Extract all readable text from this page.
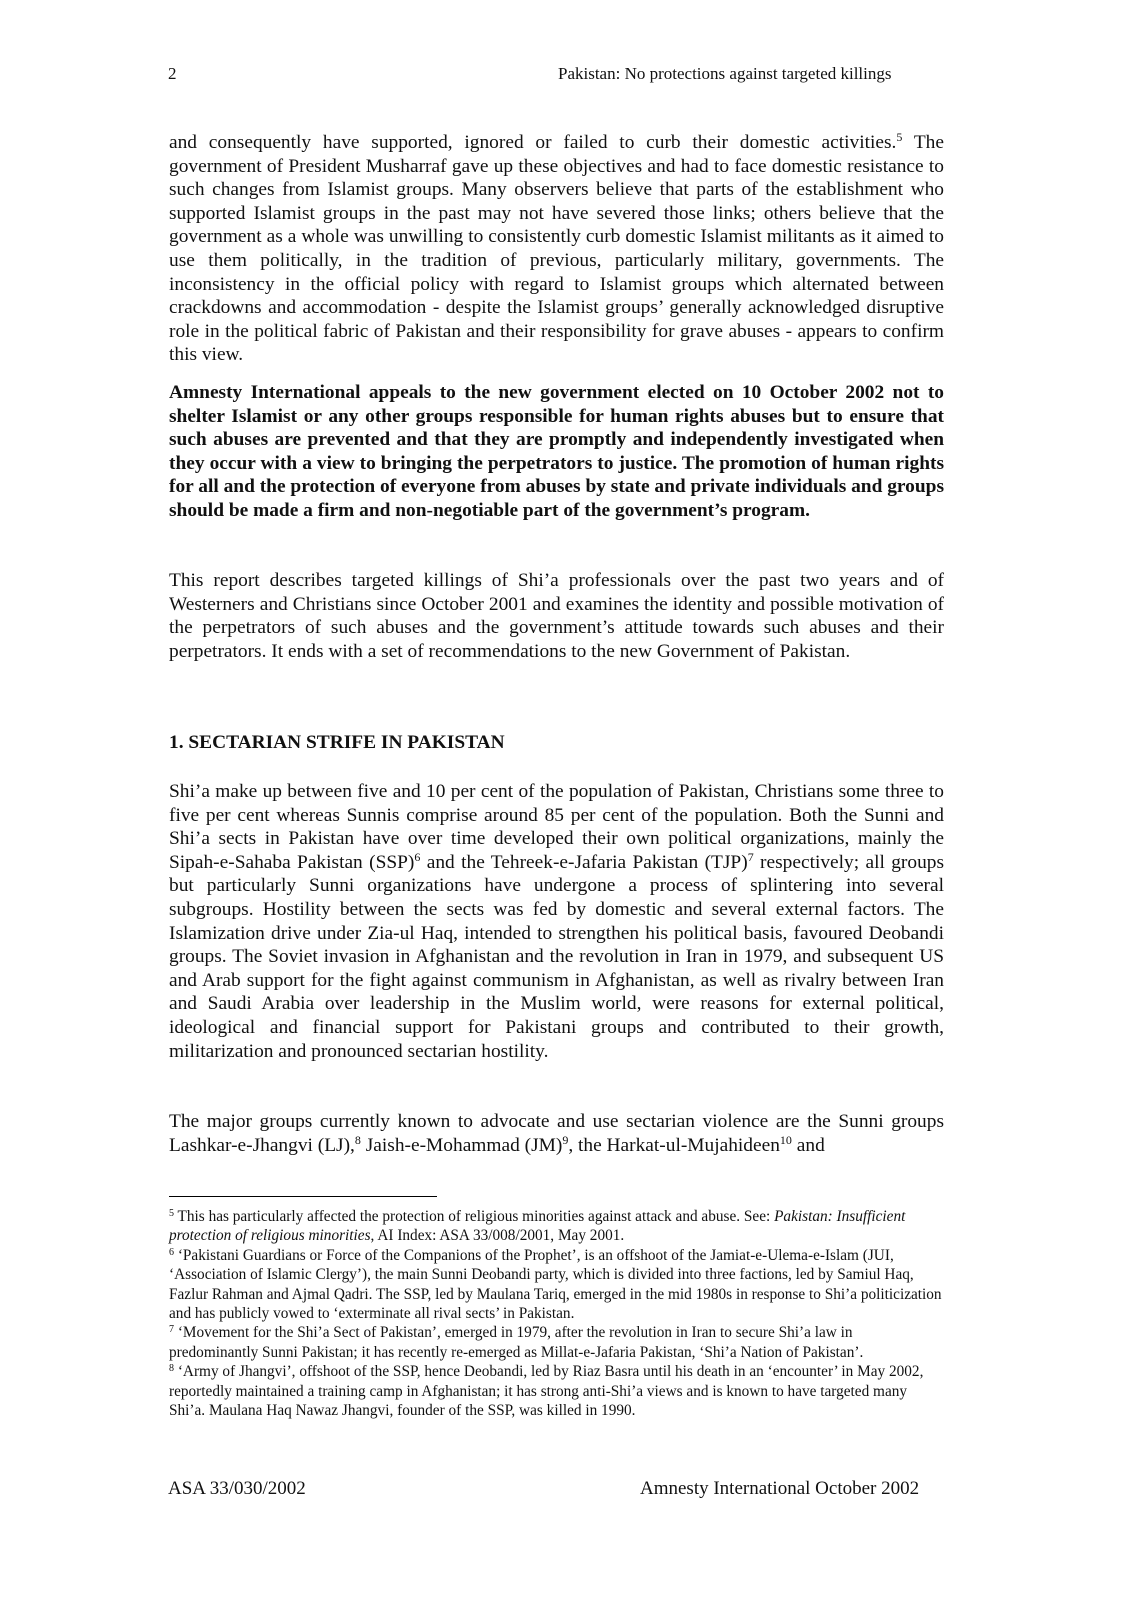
2	Pakistan: No protections against targeted killings

and consequently have supported, ignored or failed to curb their domestic activities.$^5$ The government of President Musharraf gave up these objectives and had to face domestic resistance to such changes from Islamist groups. Many observers believe that parts of the establishment who supported Islamist groups in the past may not have severed those links; others believe that the government as a whole was unwilling to consistently curb domestic Islamist militants as it aimed to use them politically, in the tradition of previous, particularly military, governments. The inconsistency in the official policy with regard to Islamist groups which alternated between crackdowns and accommodation - despite the Islamist groups’ generally acknowledged disruptive role in the political fabric of Pakistan and their responsibility for grave abuses - appears to confirm this view.

Amnesty International appeals to the new government elected on 10 October 2002 not to shelter Islamist or any other groups responsible for human rights abuses but to ensure that such abuses are prevented and that they are promptly and independently investigated when they occur with a view to bringing the perpetrators to justice. The promotion of human rights for all and the protection of everyone from abuses by state and private individuals and groups should be made a firm and non-negotiable part of the government’s program.

This report describes targeted killings of Shi’a professionals over the past two years and of Westerners and Christians since October 2001 and examines the identity and possible motivation of the perpetrators of such abuses and the government’s attitude towards such abuses and their perpetrators. It ends with a set of recommendations to the new Government of Pakistan.

1. SECTARIAN STRIFE IN PAKISTAN

Shi’a make up between five and 10 per cent of the population of Pakistan, Christians some three to five per cent whereas Sunnis comprise around 85 per cent of the population. Both the Sunni and Shi’a sects in Pakistan have over time developed their own political organizations, mainly the Sipah-e-Sahaba Pakistan (SSP)$^6$ and the Tehreek-e-Jafaria Pakistan (TJP)$^7$ respectively; all groups but particularly Sunni organizations have undergone a process of splintering into several subgroups. Hostility between the sects was fed by domestic and several external factors. The Islamization drive under Zia-ul Haq, intended to strengthen his political basis, favoured Deobandi groups. The Soviet invasion in Afghanistan and the revolution in Iran in 1979, and subsequent US and Arab support for the fight against communism in Afghanistan, as well as rivalry between Iran and Saudi Arabia over leadership in the Muslim world, were reasons for external political, ideological and financial support for Pakistani groups and contributed to their growth, militarization and pronounced sectarian hostility.

The major groups currently known to advocate and use sectarian violence are the Sunni groups Lashkar-e-Jhangvi (LJ),$^8$ Jaish-e-Mohammad (JM)$^9$, the Harkat-ul-Mujahideen$^{10}$ and

$^5$ This has particularly affected the protection of religious minorities against attack and abuse. See: Pakistan: Insufficient protection of religious minorities, AI Index: ASA 33/008/2001, May 2001.

$^6$ ‘Pakistani Guardians or Force of the Companions of the Prophet’, is an offshoot of the Jamiat-e-Ulema-e-Islam (JUI, ‘Association of Islamic Clergy’), the main Sunni Deobandi party, which is divided into three factions, led by Samiul Haq, Fazlur Rahman and Ajmal Qadri. The SSP, led by Maulana Tariq, emerged in the mid 1980s in response to Shi’a politicization and has publicly vowed to ‘exterminate all rival sects’ in Pakistan.

$^7$ ‘Movement for the Shi’a Sect of Pakistan’, emerged in 1979, after the revolution in Iran to secure Shi’a law in predominantly Sunni Pakistan; it has recently re-emerged as Millat-e-Jafaria Pakistan, ‘Shi’a Nation of Pakistan’.

$^8$ ‘Army of Jhangvi’, offshoot of the SSP, hence Deobandi, led by Riaz Basra until his death in an ‘encounter’ in May 2002, reportedly maintained a training camp in Afghanistan; it has strong anti-Shi’a views and is known to have targeted many Shi’a. Maulana Haq Nawaz Jhangvi, founder of the SSP, was killed in 1990.

ASA 33/030/2002	Amnesty International October 2002
